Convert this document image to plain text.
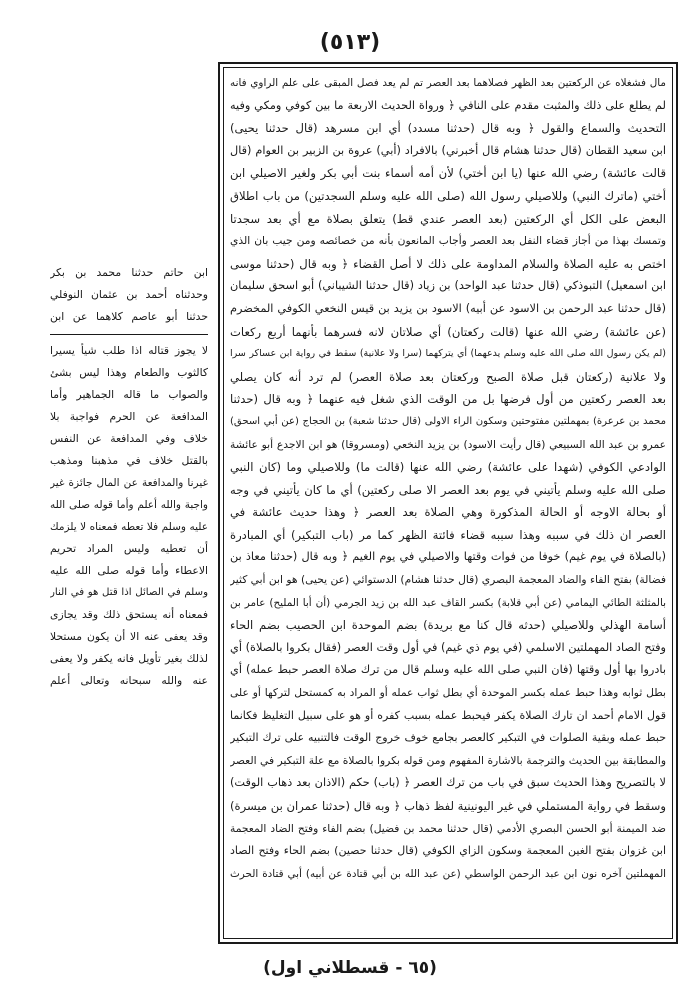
(٥١٣)
مال فشغلاه عن الركعتين بعد الظهر فصلاهما بعد العصر تم لم يعد فصل المبقى على علم الراوي فانه
لم يطلع على ذلك والمثبت مقدم على النافي ﴿ ورواة الحديث الاربعة ما بين كوفي ومكي وفيه
التحديث والسماع والقول ﴿ وبه قال (حدثنا مسدد) أي ابن مسرهد (قال حدثنا يحيى)
ابن سعيد القطان (قال حدثنا هشام قال أخبرني) بالافراد (أبي) عروة بن الزبير بن العوام (قال
قالت عائشة) رضي الله عنها (يا ابن أختي) لأن أمه أسماء بنت أبي بكر ولغير الاصيلي ابن
أختي (ماترك النبي) وللاصيلي رسول الله (صلى الله عليه وسلم السجدتين) من باب اطلاق
البعض على الكل أي الركعتين (بعد العصر عندي قط) يتعلق بصلاة مع أي بعد سجدتا
وتمسك بهذا من أجاز قضاء النفل بعد العصر وأجاب المانعون بأنه من خصائصه ومن جيب بان الذي
اختص به عليه الصلاة والسلام المداومة على ذلك لا أصل القضاء ﴿ وبه قال (حدثنا موسى
ابن اسمعيل) التبوذكي (قال حدثنا عبد الواحد) بن زياد (قال حدثنا الشيباني) أبو اسحق سليمان
(قال حدثنا عبد الرحمن بن الاسود عن أبيه) الاسود بن يزيد بن قيس النخعي الكوفي المخضرم
(عن عائشة) رضي الله عنها (قالت ركعتان) أي صلاتان لانه فسرهما بأنهما أربع ركعات
(لم يكن رسول الله صلى الله عليه وسلم يدعهما) أي يتركهما (سرا ولا علانية) سقط في رواية ابن عساكر سرا
ولا علانية (ركعتان قبل صلاة الصبح وركعتان بعد صلاة العصر) لم ترد أنه كان يصلي
بعد العصر ركعتين من أول فرضها بل من الوقت الذي شغل فيه عنهما ﴿ وبه قال (حدثنا
محمد بن عرعرة) بمهملتين مفتوحتين وسكون الراء الاولى (قال حدثنا شعبة) بن الحجاج (عن أبي اسحق)
عمرو بن عبد الله السبيعي (قال رأيت الاسود) بن يزيد النخعي (ومسروقا) هو ابن الاجدع أبو عائشة
الوادعي الكوفي (شهدا على عائشة) رضي الله عنها (قالت ما) وللاصيلي وما (كان النبي
صلى الله عليه وسلم يأتيني في يوم بعد العصر الا صلى ركعتين) أي ما كان يأتيني في وجه
أو بحالة الاوجه أو الحالة المذكورة وهي الصلاة بعد العصر ﴿ وهذا حديث عائشة في
العصر ان ذلك في سببه وهذا سببه قضاء فائتة الظهر كما مر (باب التبكير) أي المبادرة
(بالصلاة في يوم غيم) خوفا من فوات وقتها والاصيلي في يوم الغيم ﴿ وبه قال (حدثنا معاذ بن
فضالة) بفتح الفاء والضاد المعجمة البصري (قال حدثنا هشام) الدستوائي (عن يحيى) هو ابن أبي كثير
بالمثلثة الطائي اليمامي (عن أبي قلابة) بكسر القاف عبد الله بن زيد الجرمي (أن أبا المليح) عامر بن
أسامة الهذلي وللاصيلي (حدثه قال كنا مع بريدة) بضم الموحدة ابن الحصيب بضم الحاء
وفتح الصاد المهملتين الاسلمي (في يوم ذي غيم) في أول وقت العصر (فقال بكروا بالصلاة) أي
بادروا بها أول وقتها (فان النبي صلى الله عليه وسلم قال من ترك صلاة العصر حبط عمله) أي
بطل ثوابه وهذا حبط عمله بكسر الموحدة أي بطل ثواب عمله أو المراد به كمستحل لتركها أو على
قول الامام أحمد ان تارك الصلاة يكفر فيحبط عمله بسبب كفره أو هو على سبيل التغليظ فكانما
حبط عمله وبقية الصلوات في التبكير كالعصر بجامع خوف خروج الوقت فالتنبيه على ترك التبكير
والمطابقة بين الحديث والترجمة بالاشارة المفهوم ومن قوله بكروا بالصلاة مع علة التبكير في العصر
لا بالتصريح وهذا الحديث سبق في باب من ترك العصر ﴿ (باب) حكم (الاذان بعد ذهاب الوقت)
وسقط في رواية المستملي في غير اليونينية لفظ ذهاب ﴿ وبه قال (حدثنا عمران بن ميسرة)
ضد الميمنة أبو الحسن البصري الأدمي (قال حدثنا محمد بن فضيل) بضم الفاء وفتح الضاد المعجمة
ابن غزوان بفتح الغين المعجمة وسكون الزاي الكوفي (قال حدثنا حصين) بضم الحاء وفتح الصاد
المهملتين آخره نون ابن عبد الرحمن الواسطي (عن عبد الله بن أبي قتادة عن أبيه) أبي قتادة الحرث
ابن حاتم حدثنا محمد بن بكر
وحدثناه أحمد بن عثمان النوفلي
حدثنا أبو عاصم كلاهما عن ابن
لا يجوز قتاله اذا طلب شيأ يسيرا
كالثوب والطعام وهذا ليس بشئ
والصواب ما قاله الجماهير وأما
المدافعة عن الحرم فواجبة بلا
خلاف وفي المدافعة عن النفس
بالقتل خلاف في مذهبنا ومذهب
غيرنا والمدافعة عن المال جائزة غير
واجبة والله أعلم وأما قوله صلى الله
عليه وسلم فلا تعطه فمعناه لا يلزمك
أن تعطيه وليس المراد تحريم
الاعطاء وأما قوله صلى الله عليه
وسلم في الصائل اذا قتل هو في النار
فمعناه أنه يستحق ذلك وقد يجازى
وقد يعفى عنه الا أن يكون مستحلا
لذلك بغير تأويل فانه يكفر ولا يعفى
عنه والله سبحانه وتعالى أعلم
(٦٥ - قسطلاني اول)
